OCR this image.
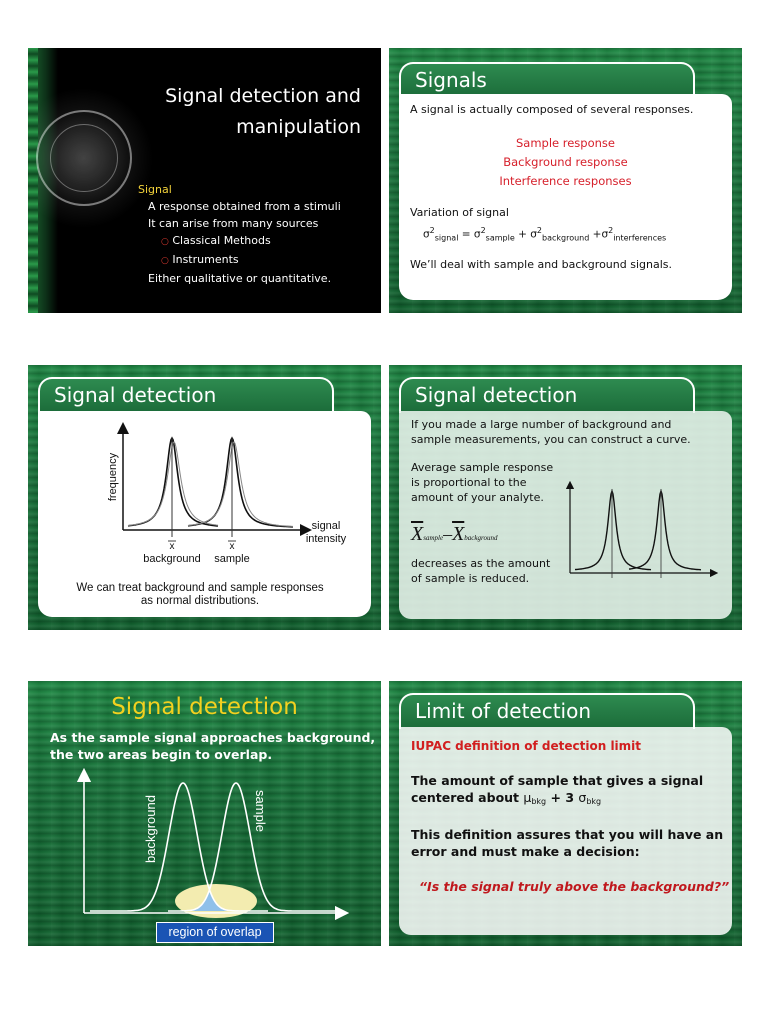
Signal detection and
manipulation
Signal
A response obtained from a stimuli
It can arise from many sources
○ Classical Methods
○ Instruments
Either qualitative or quantitative.
Signals
A signal is actually composed of several responses.
Sample response
Background response
Interference responses
Variation of signal
$\sigma^2_{signal} = \sigma^2_{sample} + \sigma^2_{background} +\sigma^2_{interferences}$
We’ll deal with sample and background signals.
Signal detection
frequency
signal
intensity
x	x
background sample
We can treat background and sample responses
as normal distributions.
Signal detection
If you made a large number of background and
sample measurements, you can construct a curve.
Average sample response
is proportional to the
amount of your analyte.
$\overline{X}sample-\overline{X}background$
decreases as the amount
of sample is reduced.
Signal detection
As the sample signal approaches background,
the two areas begin to overlap.
background	sample
region of overlap
Limit of detection
IUPAC definition of detection limit
The amount of sample that gives a signal
centered about $\mu_{bkg} + 3$ $\sigma_{bkg}$
This definition assures that you will have an
error and must make a decision:
“Is the signal truly above the background?”
